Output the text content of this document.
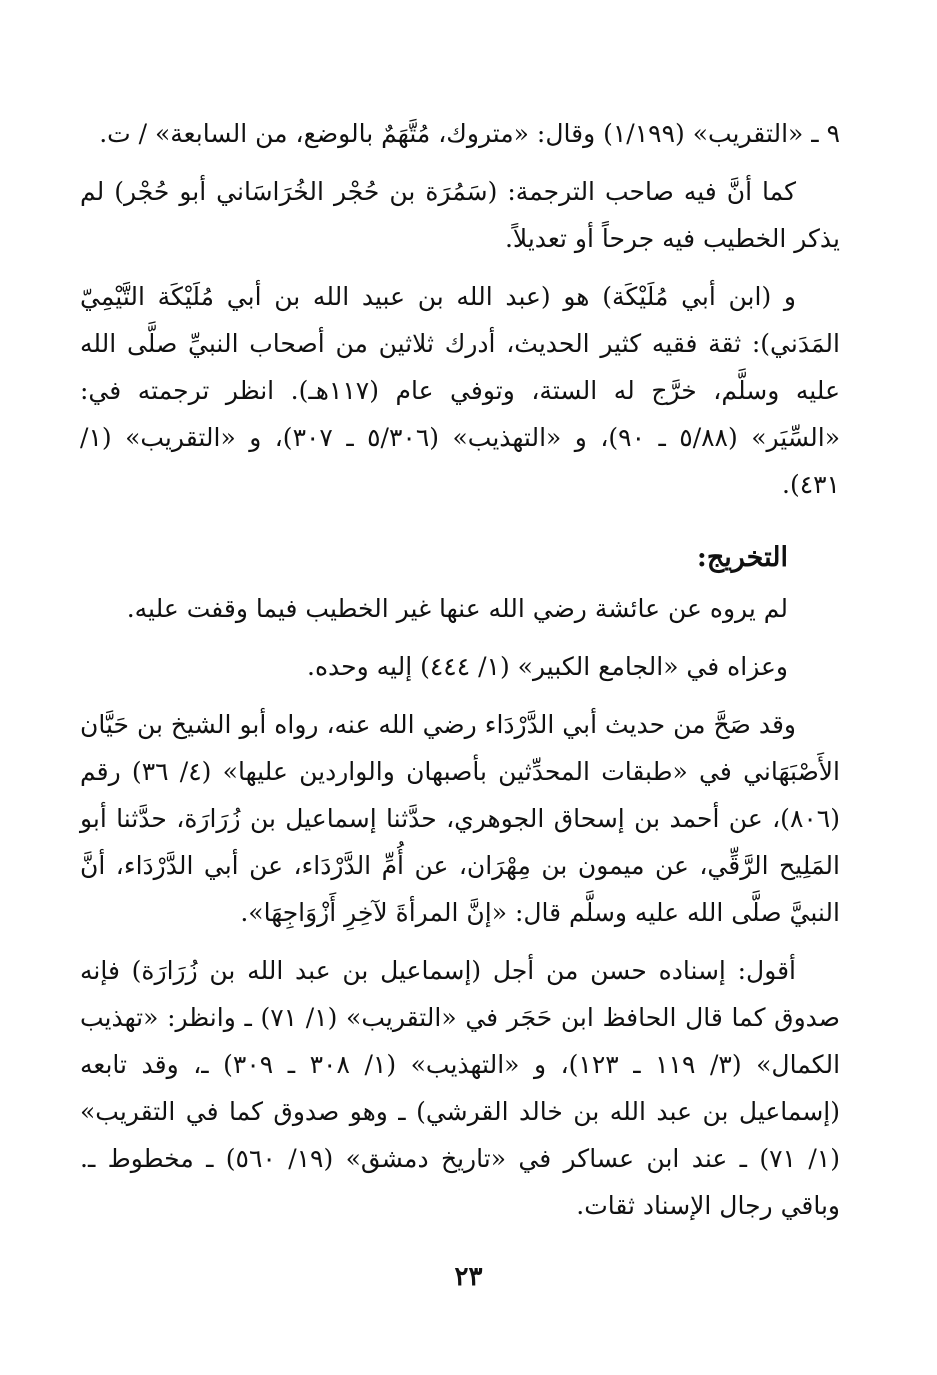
٩ ـ «التقريب» (١/١٩٩) وقال: «متروك، مُتَّهَمٌ بالوضع، من السابعة» / ت.

كما أنَّ فيه صاحب الترجمة: (سَمُرَة بن حُجْر الخُرَاسَاني أبو حُجْر) لم يذكر الخطيب فيه جرحاً أو تعديلاً.

و (ابن أبي مُلَيْكَة) هو (عبد الله بن عبيد الله بن أبي مُلَيْكَة التَّيْمِيّ المَدَني): ثقة فقيه كثير الحديث، أدرك ثلاثين من أصحاب النبيِّ صلَّى الله عليه وسلَّم، خرَّج له الستة، وتوفي عام (١١٧هـ). انظر ترجمته في: «السِّيَر» (٥/٨٨ ـ ٩٠)، و «التهذيب» (٥/٣٠٦ ـ ٣٠٧)، و «التقريب» (١/ ٤٣١).

التخريج:

لم يروه عن عائشة رضي الله عنها غير الخطيب فيما وقفت عليه.

وعزاه في «الجامع الكبير» (١/ ٤٤٤) إليه وحده.

وقد صَحَّ من حديث أبي الدَّرْدَاء رضي الله عنه، رواه أبو الشيخ بن حَيَّان الأَصْبَهَاني في «طبقات المحدِّثين بأصبهان والواردين عليها» (٤/ ٣٦) رقم (٨٠٦)، عن أحمد بن إسحاق الجوهري، حدَّثنا إسماعيل بن زُرَارَة، حدَّثنا أبو المَلِيح الرَّقِّي، عن ميمون بن مِهْرَان، عن أُمِّ الدَّرْدَاء، عن أبي الدَّرْدَاء، أنَّ النبيَّ صلَّى الله عليه وسلَّم قال: «إنَّ المرأةَ لآخِرِ أَزْوَاجِهَا».

أقول: إسناده حسن من أجل (إسماعيل بن عبد الله بن زُرَارَة) فإنه صدوق كما قال الحافظ ابن حَجَر في «التقريب» (١/ ٧١) ـ وانظر: «تهذيب الكمال» (٣/ ١١٩ ـ ١٢٣)، و «التهذيب» (١/ ٣٠٨ ـ ٣٠٩) ـ، وقد تابعه (إسماعيل بن عبد الله بن خالد القرشي) ـ وهو صدوق كما في التقريب» (١/ ٧١) ـ عند ابن عساكر في «تاريخ دمشق» (١٩/ ٥٦٠) ـ مخطوط ـ. وباقي رجال الإسناد ثقات.

٢٣
